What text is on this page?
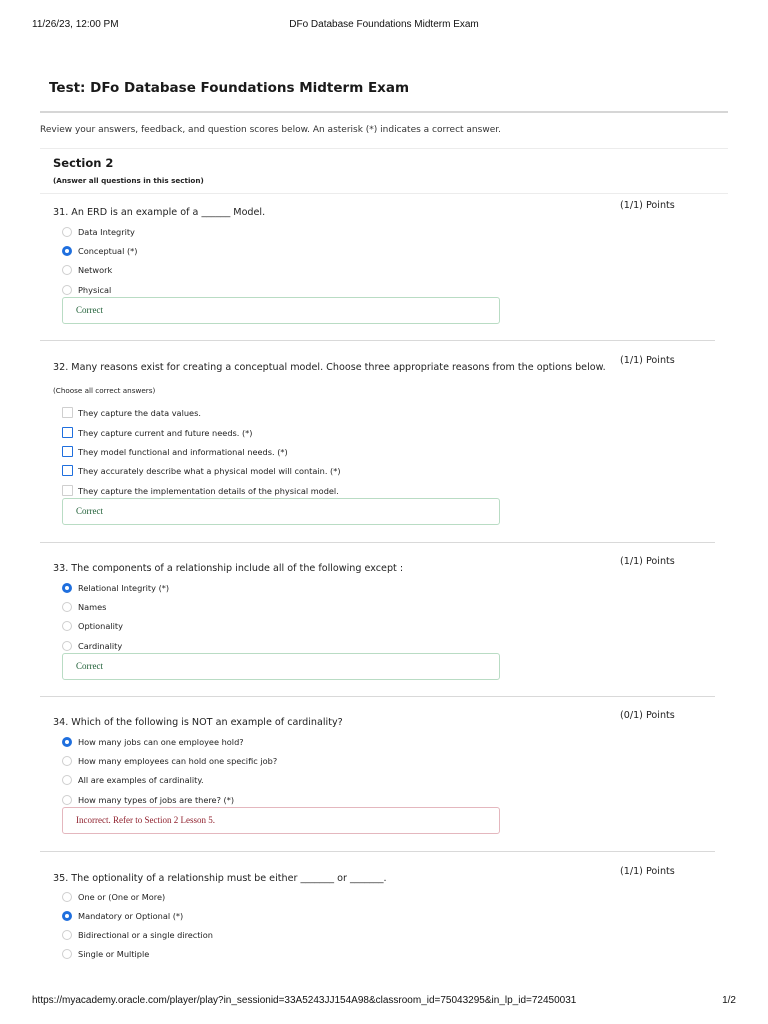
11/26/23, 12:00 PM	DFo Database Foundations Midterm Exam
Test: DFo Database Foundations Midterm Exam
Review your answers, feedback, and question scores below. An asterisk (*) indicates a correct answer.
Section 2
(Answer all questions in this section)

31. An ERD is an example of a ______ Model.

(1/1) Points
Data Integrity
Conceptual (*)
Network
Physical
Correct

32. Many reasons exist for creating a conceptual model. Choose three appropriate reasons from the options below.

(Choose all correct answers)
(1/1) Points
They capture the data values.
They capture current and future needs. (*)
They model functional and informational needs. (*)
They accurately describe what a physical model will contain. (*)
They capture the implementation details of the physical model.
Correct

33. The components of a relationship include all of the following except :

(1/1) Points
Relational Integrity (*)
Names
Optionality
Cardinality
Correct

34. Which of the following is NOT an example of cardinality?

(0/1) Points
How many jobs can one employee hold?
How many employees can hold one specific job?
All are examples of cardinality.
How many types of jobs are there? (*)
Incorrect. Refer to Section 2 Lesson 5.

35. The optionality of a relationship must be either _______ or _______.

(1/1) Points
One or (One or More)
Mandatory or Optional (*)
Bidirectional or a single direction
Single or Multiple
https://myacademy.oracle.com/player/play?in_sessionid=33A5243JJ154A98&classroom_id=75043295&in_lp_id=72450031	1/2
